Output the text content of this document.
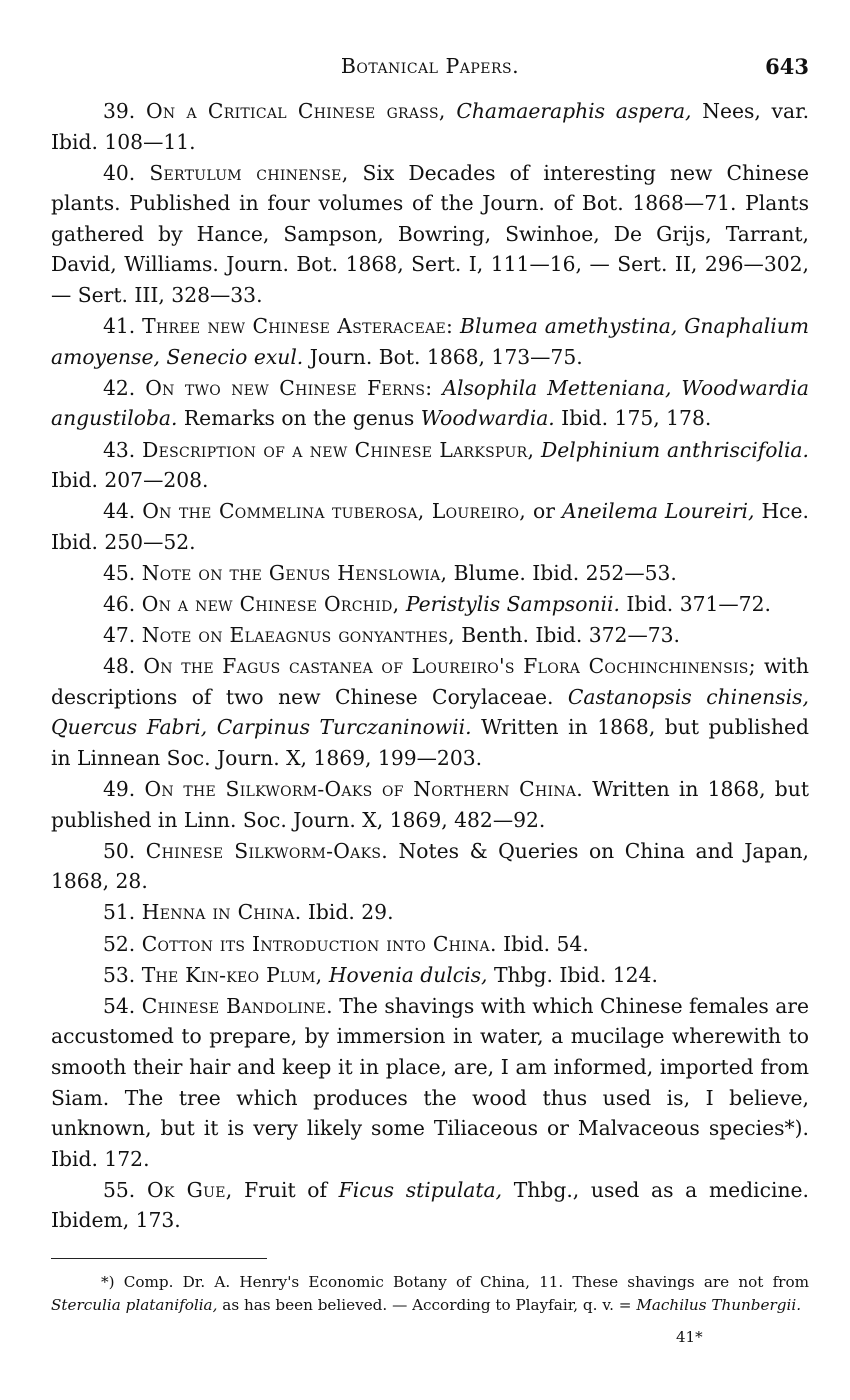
Botanical Papers.	643

39. On a Critical Chinese grass, Chamaeraphis aspera, Nees, var. Ibid. 108—11.

40. Sertulum chinense, Six Decades of interesting new Chinese plants. Published in four volumes of the Journ. of Bot. 1868—71. Plants gathered by Hance, Sampson, Bowring, Swinhoe, De Grijs, Tarrant, David, Williams. Journ. Bot. 1868, Sert. I, 111—16, — Sert. II, 296—302, — Sert. III, 328—33.

41. Three new Chinese Asteraceae: Blumea amethystina, Gnaphalium amoyense, Senecio exul. Journ. Bot. 1868, 173—75.

42. On two new Chinese Ferns: Alsophila Metteniana, Woodwardia angustiloba. Remarks on the genus Woodwardia. Ibid. 175, 178.

43. Description of a new Chinese Larkspur, Delphinium anthriscifolia. Ibid. 207—208.

44. On the Commelina tuberosa, Loureiro, or Aneilema Loureiri, Hce. Ibid. 250—52.

45. Note on the Genus Henslowia, Blume. Ibid. 252—53.

46. On a new Chinese Orchid, Peristylis Sampsonii. Ibid. 371—72.

47. Note on Elaeagnus gonyanthes, Benth. Ibid. 372—73.

48. On the Fagus castanea of Loureiro's Flora Cochinchinensis; with descriptions of two new Chinese Corylaceae. Castanopsis chinensis, Quercus Fabri, Carpinus Turczaninowii. Written in 1868, but published in Linnean Soc. Journ. X, 1869, 199—203.

49. On the Silkworm-Oaks of Northern China. Written in 1868, but published in Linn. Soc. Journ. X, 1869, 482—92.

50. Chinese Silkworm-Oaks. Notes & Queries on China and Japan, 1868, 28.

51. Henna in China. Ibid. 29.

52. Cotton its Introduction into China. Ibid. 54.

53. The Kin-keo Plum, Hovenia dulcis, Thbg. Ibid. 124.

54. Chinese Bandoline. The shavings with which Chinese females are accustomed to prepare, by immersion in water, a mucilage wherewith to smooth their hair and keep it in place, are, I am informed, imported from Siam. The tree which produces the wood thus used is, I believe, unknown, but it is very likely some Tiliaceous or Malvaceous species*). Ibid. 172.

55. Ok Gue, Fruit of Ficus stipulata, Thbg., used as a medicine. Ibidem, 173.

*) Comp. Dr. A. Henry's Economic Botany of China, 11. These shavings are not from Sterculia platanifolia, as has been believed. — According to Playfair, q. v. = Machilus Thunbergii.

41*
